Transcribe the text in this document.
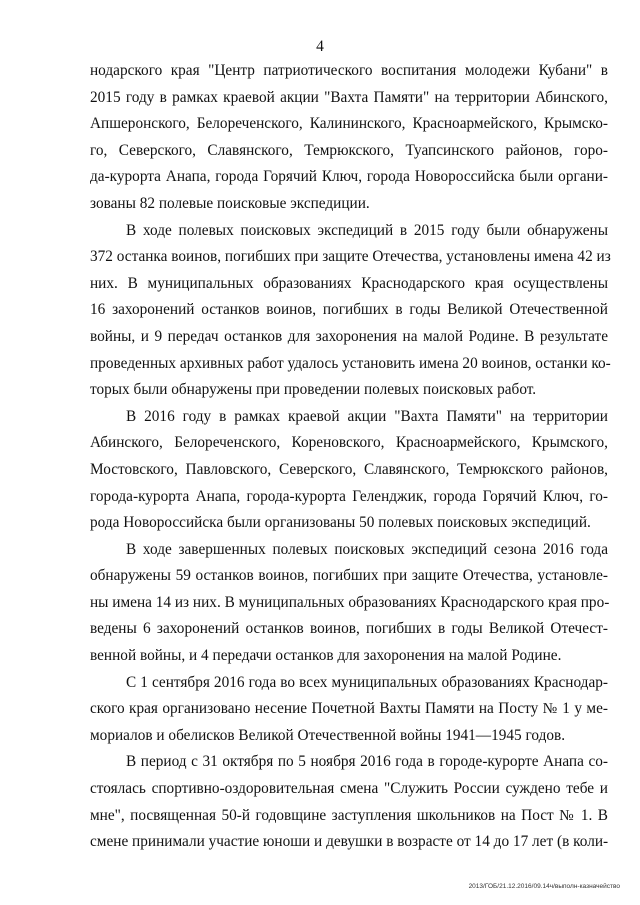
4
нодарского края "Центр патриотического воспитания молодежи Кубани" в
2015 году в рамках краевой акции "Вахта Памяти" на территории Абинского,
Апшеронского, Белореченского, Калининского, Красноармейского, Крымско-
го, Северского, Славянского, Темрюкского, Туапсинского районов, горо-
да-курорта Анапа, города Горячий Ключ, города Новороссийска были органи-
зованы 82 полевые поисковые экспедиции.
В ходе полевых поисковых экспедиций в 2015 году были обнаружены
372 останка воинов, погибших при защите Отечества, установлены имена 42 из
них. В муниципальных образованиях Краснодарского края осуществлены
16 захоронений останков воинов, погибших в годы Великой Отечественной
войны, и 9 передач останков для захоронения на малой Родине. В результате
проведенных архивных работ удалось установить имена 20 воинов, останки ко-
торых были обнаружены при проведении полевых поисковых работ.
В 2016 году в рамках краевой акции "Вахта Памяти" на территории
Абинского, Белореченского, Кореновского, Красноармейского, Крымского,
Мостовского, Павловского, Северского, Славянского, Темрюкского районов,
города-курорта Анапа, города-курорта Геленджик, города Горячий Ключ, го-
рода Новороссийска были организованы 50 полевых поисковых экспедиций.
В ходе завершенных полевых поисковых экспедиций сезона 2016 года
обнаружены 59 останков воинов, погибших при защите Отечества, установле-
ны имена 14 из них. В муниципальных образованиях Краснодарского края про-
ведены 6 захоронений останков воинов, погибших в годы Великой Отечест-
венной войны, и 4 передачи останков для захоронения на малой Родине.
С 1 сентября 2016 года во всех муниципальных образованиях Краснодар-
ского края организовано несение Почетной Вахты Памяти на Посту № 1 у ме-
мориалов и обелисков Великой Отечественной войны 1941—1945 годов.
В период с 31 октября по 5 ноября 2016 года в городе-курорте Анапа со-
стоялась спортивно-оздоровительная смена "Служить России суждено тебе и
мне", посвященная 50-й годовщине заступления школьников на Пост № 1. В
смене принимали участие юноши и девушки в возрасте от 14 до 17 лет (в коли-
2013/ГОБ/21.12.2016/09.14ч/выполн-казначейство
